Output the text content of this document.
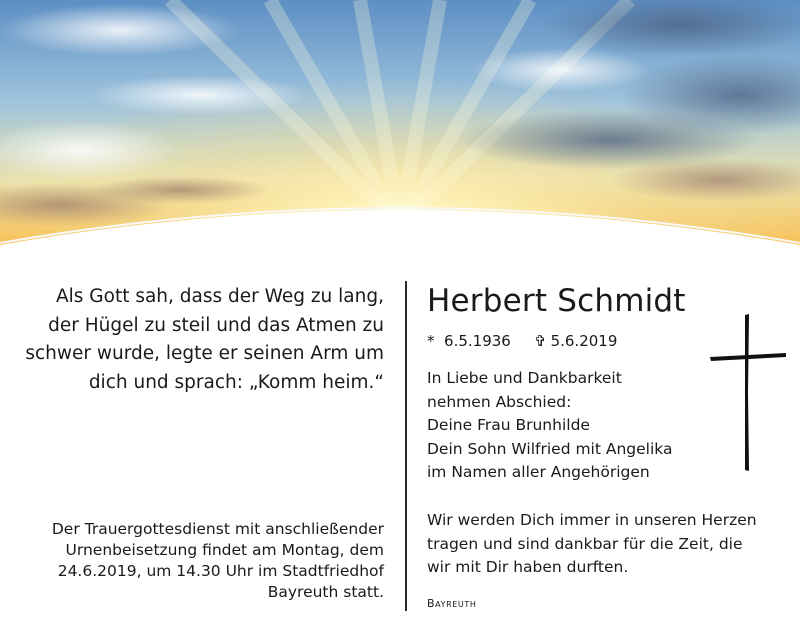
Als Gott sah, dass der Weg zu lang,
der Hügel zu steil und das Atmen zu
schwer wurde, legte er seinen Arm um
dich und sprach: „Komm heim.“
Der Trauergottesdienst mit anschließender
Urnenbeisetzung findet am Montag, dem
24.6.2019, um 14.30 Uhr im Stadtfriedhof
Bayreuth statt.
Herbert Schmidt
* 6.5.1936 ✞ 5.6.2019
In Liebe und Dankbarkeit
nehmen Abschied:
Deine Frau Brunhilde
Dein Sohn Wilfried mit Angelika
im Namen aller Angehörigen
Wir werden Dich immer in unseren Herzen
tragen und sind dankbar für die Zeit, die
wir mit Dir haben durften.
Bayreuth
